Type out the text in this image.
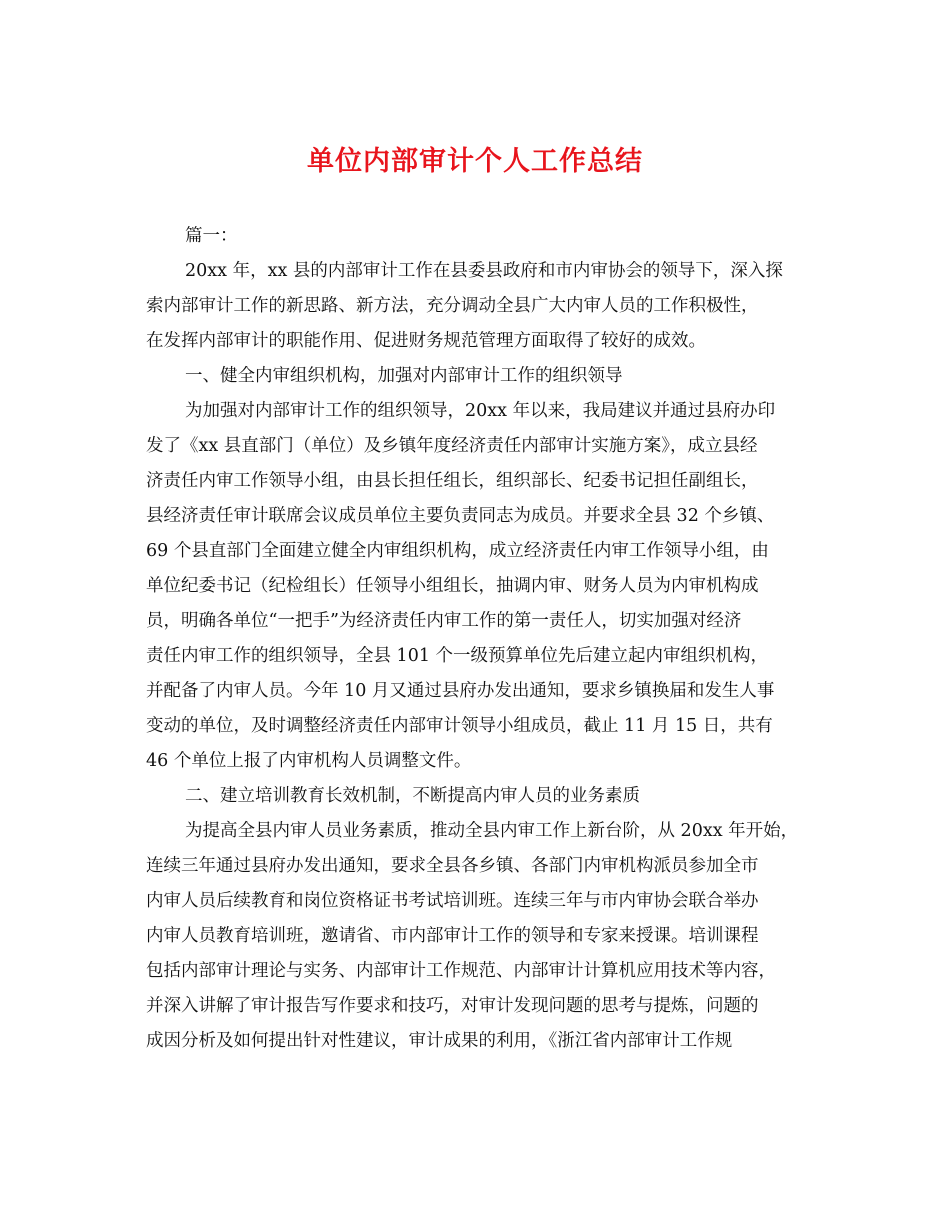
单位内部审计个人工作总结
篇一：
20xx 年，xx 县的内部审计工作在县委县政府和市内审协会的领导下，深入探
索内部审计工作的新思路、新方法，充分调动全县广大内审人员的工作积极性，
在发挥内部审计的职能作用、促进财务规范管理方面取得了较好的成效。
一、健全内审组织机构，加强对内部审计工作的组织领导
为加强对内部审计工作的组织领导，20xx 年以来，我局建议并通过县府办印
发了《xx 县直部门（单位）及乡镇年度经济责任内部审计实施方案》，成立县经
济责任内审工作领导小组，由县长担任组长，组织部长、纪委书记担任副组长，
县经济责任审计联席会议成员单位主要负责同志为成员。并要求全县 32 个乡镇、
69 个县直部门全面建立健全内审组织机构，成立经济责任内审工作领导小组，由
单位纪委书记（纪检组长）任领导小组组长，抽调内审、财务人员为内审机构成
员，明确各单位“一把手”为经济责任内审工作的第一责任人，切实加强对经济
责任内审工作的组织领导，全县 101 个一级预算单位先后建立起内审组织机构，
并配备了内审人员。今年 10 月又通过县府办发出通知，要求乡镇换届和发生人事
变动的单位，及时调整经济责任内部审计领导小组成员，截止 11 月 15 日，共有
46 个单位上报了内审机构人员调整文件。
二、建立培训教育长效机制，不断提高内审人员的业务素质
为提高全县内审人员业务素质，推动全县内审工作上新台阶，从 20xx 年开始，
连续三年通过县府办发出通知，要求全县各乡镇、各部门内审机构派员参加全市
内审人员后续教育和岗位资格证书考试培训班。连续三年与市内审协会联合举办
内审人员教育培训班，邀请省、市内部审计工作的领导和专家来授课。培训课程
包括内部审计理论与实务、内部审计工作规范、内部审计计算机应用技术等内容，
并深入讲解了审计报告写作要求和技巧，对审计发现问题的思考与提炼，问题的
成因分析及如何提出针对性建议，审计成果的利用，《浙江省内部审计工作规
